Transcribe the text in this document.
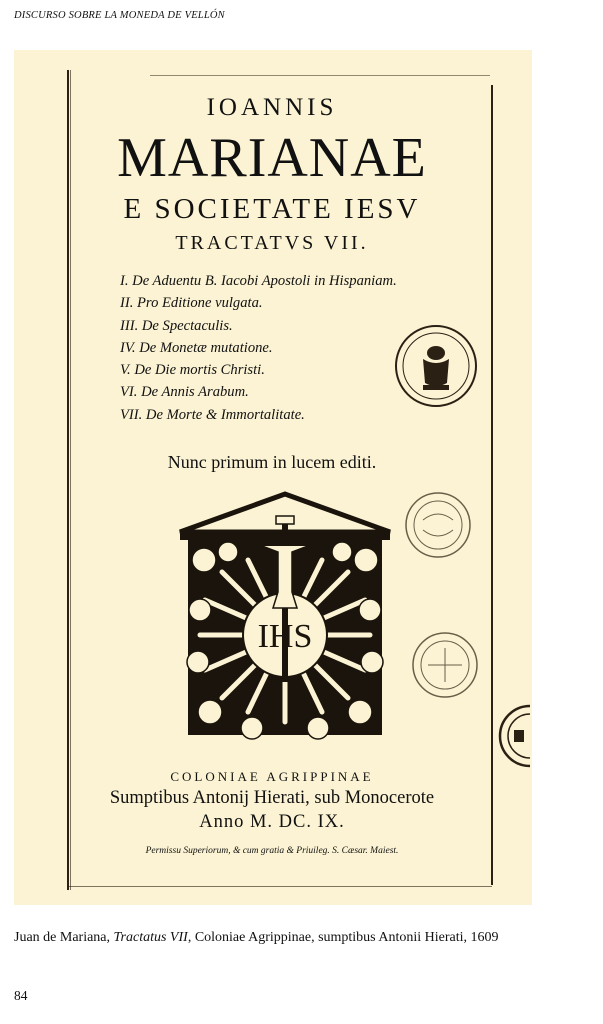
DISCURSO SOBRE LA MONEDA DE VELLÓN
IOANNIS
MARIANAE
E SOCIETATE IESV
TRACTATVS VII.
I. De Aduentu B. Iacobi Apostoli in Hispaniam.
II. Pro Editione vulgata.
III. De Spectaculis.
IV. De Monetæ mutatione.
V. De Die mortis Christi.
VI. De Annis Arabum.
VII. De Morte & Immortalitate.
Nunc primum in lucem editi.
IHS
COLONIAE AGRIPPINAE
Sumptibus Antonij Hierati, sub Monocerote
Anno M. DC. IX.
Permissu Superiorum, & cum gratia & Priuileg. S. Cæsar. Maiest.
Juan de Mariana, Tractatus VII, Coloniae Agrippinae, sumptibus Antonii Hierati, 1609
84
